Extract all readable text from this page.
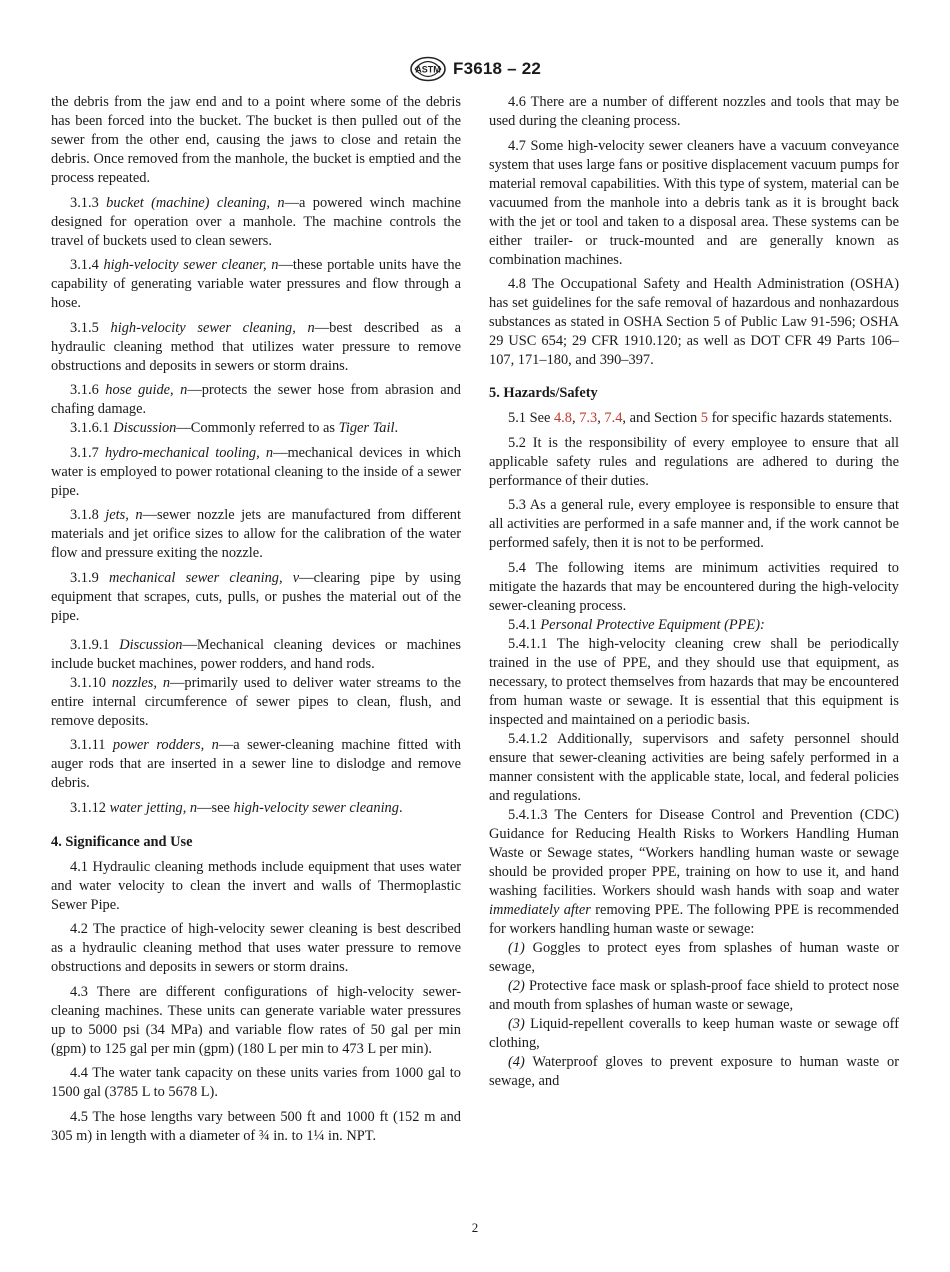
ASTM F3618 – 22

the debris from the jaw end and to a point where some of the debris has been forced into the bucket. The bucket is then pulled out of the sewer from the other end, causing the jaws to close and retain the debris. Once removed from the manhole, the bucket is emptied and the process repeated.

3.1.3 bucket (machine) cleaning, n—a powered winch machine designed for operation over a manhole. The machine controls the travel of buckets used to clean sewers.

3.1.4 high-velocity sewer cleaner, n—these portable units have the capability of generating variable water pressures and flow through a hose.

3.1.5 high-velocity sewer cleaning, n—best described as a hydraulic cleaning method that utilizes water pressure to remove obstructions and deposits in sewers or storm drains.

3.1.6 hose guide, n—protects the sewer hose from abrasion and chafing damage.

3.1.6.1 Discussion—Commonly referred to as Tiger Tail.

3.1.7 hydro-mechanical tooling, n—mechanical devices in which water is employed to power rotational cleaning to the inside of a sewer pipe.

3.1.8 jets, n—sewer nozzle jets are manufactured from different materials and jet orifice sizes to allow for the calibration of the water flow and pressure exiting the nozzle.

3.1.9 mechanical sewer cleaning, v—clearing pipe by using equipment that scrapes, cuts, pulls, or pushes the material out of the pipe.

3.1.9.1 Discussion—Mechanical cleaning devices or machines include bucket machines, power rodders, and hand rods.

3.1.10 nozzles, n—primarily used to deliver water streams to the entire internal circumference of sewer pipes to clean, flush, and remove deposits.

3.1.11 power rodders, n—a sewer-cleaning machine fitted with auger rods that are inserted in a sewer line to dislodge and remove debris.

3.1.12 water jetting, n—see high-velocity sewer cleaning.

4. Significance and Use

4.1 Hydraulic cleaning methods include equipment that uses water and water velocity to clean the invert and walls of Thermoplastic Sewer Pipe.

4.2 The practice of high-velocity sewer cleaning is best described as a hydraulic cleaning method that uses water pressure to remove obstructions and deposits in sewers or storm drains.

4.3 There are different configurations of high-velocity sewer-cleaning machines. These units can generate variable water pressures up to 5000 psi (34 MPa) and variable flow rates of 50 gal per min (gpm) to 125 gal per min (gpm) (180 L per min to 473 L per min).

4.4 The water tank capacity on these units varies from 1000 gal to 1500 gal (3785 L to 5678 L).

4.5 The hose lengths vary between 500 ft and 1000 ft (152 m and 305 m) in length with a diameter of ¾ in. to 1¼ in. NPT.

4.6 There are a number of different nozzles and tools that may be used during the cleaning process.

4.7 Some high-velocity sewer cleaners have a vacuum conveyance system that uses large fans or positive displacement vacuum pumps for material removal capabilities. With this type of system, material can be vacuumed from the manhole into a debris tank as it is brought back with the jet or tool and taken to a disposal area. These systems can be either trailer- or truck-mounted and are generally known as combination machines.

4.8 The Occupational Safety and Health Administration (OSHA) has set guidelines for the safe removal of hazardous and nonhazardous substances as stated in OSHA Section 5 of Public Law 91-596; OSHA 29 USC 654; 29 CFR 1910.120; as well as DOT CFR 49 Parts 106–107, 171–180, and 390–397.

5. Hazards/Safety

5.1 See 4.8, 7.3, 7.4, and Section 5 for specific hazards statements.

5.2 It is the responsibility of every employee to ensure that all applicable safety rules and regulations are adhered to during the performance of their duties.

5.3 As a general rule, every employee is responsible to ensure that all activities are performed in a safe manner and, if the work cannot be performed safely, then it is not to be performed.

5.4 The following items are minimum activities required to mitigate the hazards that may be encountered during the high-velocity sewer-cleaning process.

5.4.1 Personal Protective Equipment (PPE):

5.4.1.1 The high-velocity cleaning crew shall be periodically trained in the use of PPE, and they should use that equipment, as necessary, to protect themselves from hazards that may be encountered from human waste or sewage. It is essential that this equipment is inspected and maintained on a periodic basis.

5.4.1.2 Additionally, supervisors and safety personnel should ensure that sewer-cleaning activities are being safely performed in a manner consistent with the applicable state, local, and federal policies and regulations.

5.4.1.3 The Centers for Disease Control and Prevention (CDC) Guidance for Reducing Health Risks to Workers Handling Human Waste or Sewage states, “Workers handling human waste or sewage should be provided proper PPE, training on how to use it, and hand washing facilities. Workers should wash hands with soap and water immediately after removing PPE. The following PPE is recommended for workers handling human waste or sewage:

(1) Goggles to protect eyes from splashes of human waste or sewage,

(2) Protective face mask or splash-proof face shield to protect nose and mouth from splashes of human waste or sewage,

(3) Liquid-repellent coveralls to keep human waste or sewage off clothing,

(4) Waterproof gloves to prevent exposure to human waste or sewage, and

2
